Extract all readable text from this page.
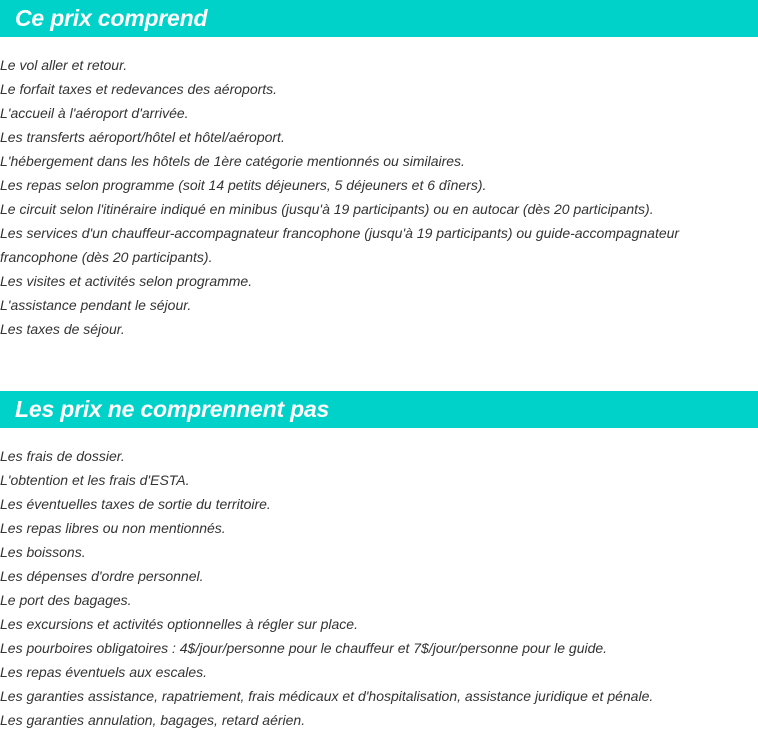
Ce prix comprend
Le vol aller et retour.
Le forfait taxes et redevances des aéroports.
L'accueil à l'aéroport d'arrivée.
Les transferts aéroport/hôtel et hôtel/aéroport.
L'hébergement dans les hôtels de 1ère catégorie mentionnés ou similaires.
Les repas selon programme (soit 14 petits déjeuners, 5 déjeuners et 6 dîners).
Le circuit selon l'itinéraire indiqué en minibus (jusqu'à 19 participants) ou en autocar (dès 20 participants).
Les services d'un chauffeur-accompagnateur francophone (jusqu'à 19 participants) ou guide-accompagnateur francophone (dès 20 participants).
Les visites et activités selon programme.
L'assistance pendant le séjour.
Les taxes de séjour.
Les prix ne comprennent pas
Les frais de dossier.
L'obtention et les frais d'ESTA.
Les éventuelles taxes de sortie du territoire.
Les repas libres ou non mentionnés.
Les boissons.
Les dépenses d'ordre personnel.
Le port des bagages.
Les excursions et activités optionnelles à régler sur place.
Les pourboires obligatoires : 4$/jour/personne pour le chauffeur et 7$/jour/personne pour le guide.
Les repas éventuels aux escales.
Les garanties assistance, rapatriement, frais médicaux et d'hospitalisation, assistance juridique et pénale.
Les garanties annulation, bagages, retard aérien.
